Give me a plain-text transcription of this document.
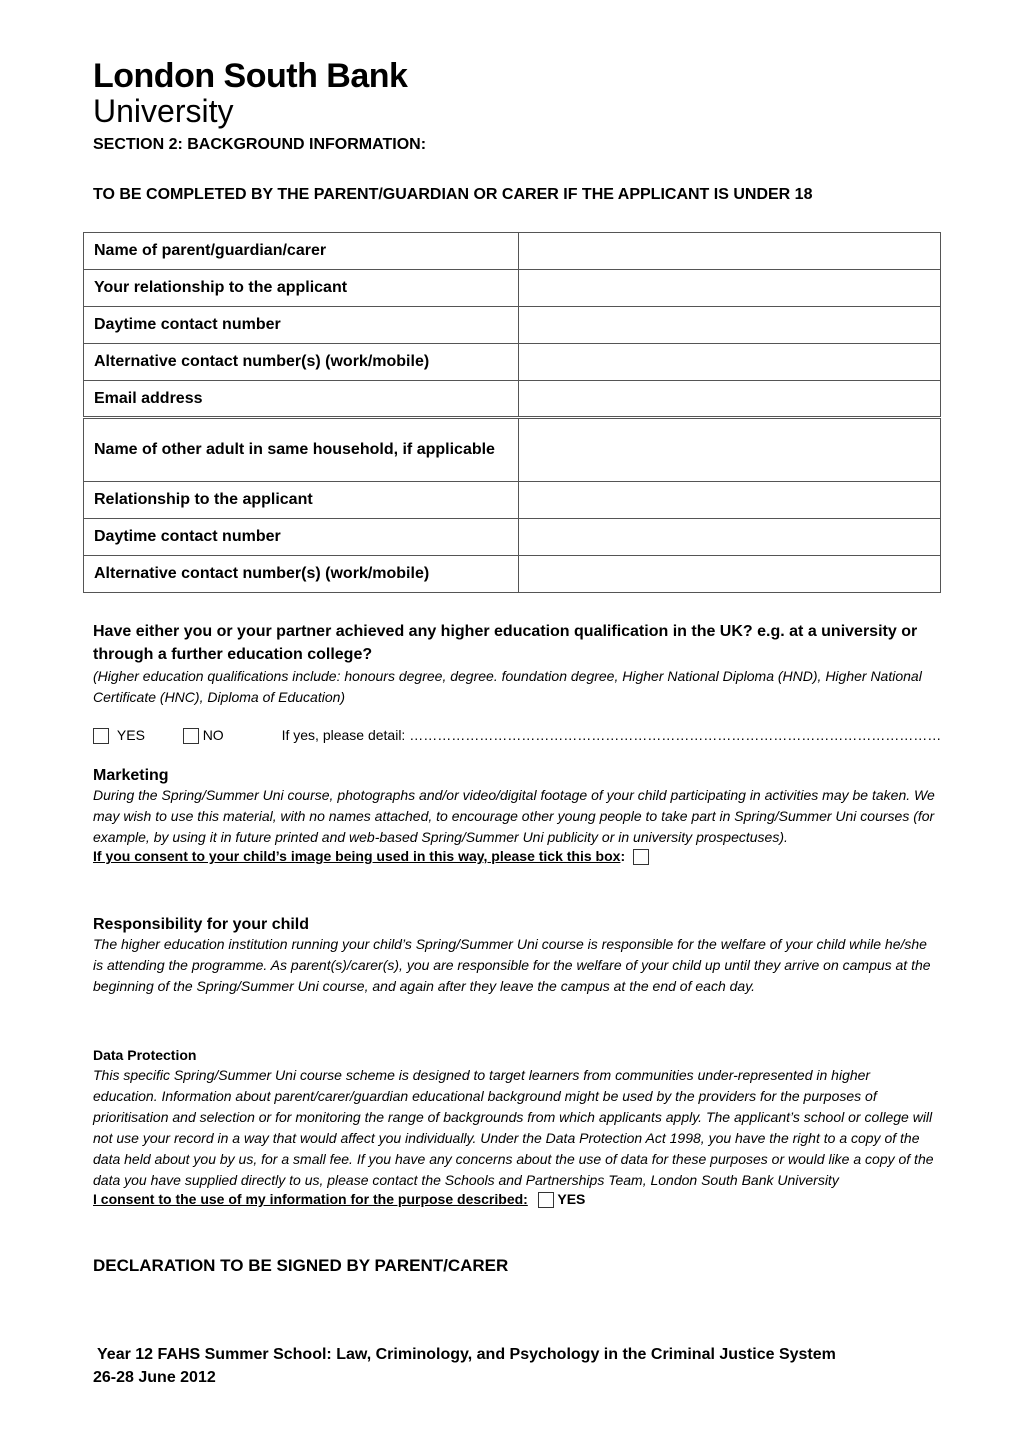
London South Bank
University
SECTION 2: BACKGROUND INFORMATION:
TO BE COMPLETED BY THE PARENT/GUARDIAN OR CARER IF THE APPLICANT IS UNDER 18
Name of parent/guardian/carer	
Your relationship to the applicant	
Daytime contact number	
Alternative contact number(s) (work/mobile)	
Email address	
Name of other adult in same household, if applicable	
Relationship to the applicant	
Daytime contact number	
Alternative contact number(s) (work/mobile)	
Have either you or your partner achieved any higher education qualification in the UK? e.g. at a university or through a further education college?
(Higher education qualifications include: honours degree, degree. foundation degree, Higher National Diploma (HND), Higher National Certificate (HNC), Diploma of Education)
YES	NO	If yes, please detail: ……………………………………………………………………………………………………
Marketing
During the Spring/Summer Uni course, photographs and/or video/digital footage of your child participating in activities may be taken. We may wish to use this material, with no names attached, to encourage other young people to take part in Spring/Summer Uni courses (for example, by using it in future printed and web-based Spring/Summer Uni publicity or in university prospectuses).
If you consent to your child’s image being used in this way, please tick this box:
Responsibility for your child
The higher education institution running your child’s Spring/Summer Uni course is responsible for the welfare of your child while he/she is attending the programme. As parent(s)/carer(s), you are responsible for the welfare of your child up until they arrive on campus at the beginning of the Spring/Summer Uni course, and again after they leave the campus at the end of each day.
Data Protection
This specific Spring/Summer Uni course scheme is designed to target learners from communities under-represented in higher education. Information about parent/carer/guardian educational background might be used by the providers for the purposes of prioritisation and selection or for monitoring the range of backgrounds from which applicants apply. The applicant’s school or college will not use your record in a way that would affect you individually. Under the Data Protection Act 1998, you have the right to a copy of the data held about you by us, for a small fee. If you have any concerns about the use of data for these purposes or would like a copy of the data you have supplied directly to us, please contact the Schools and Partnerships Team, London South Bank University
I consent to the use of my information for the purpose described: YES
DECLARATION TO BE SIGNED BY PARENT/CARER
Year 12 FAHS Summer School: Law, Criminology, and Psychology in the Criminal Justice System
26-28 June 2012
